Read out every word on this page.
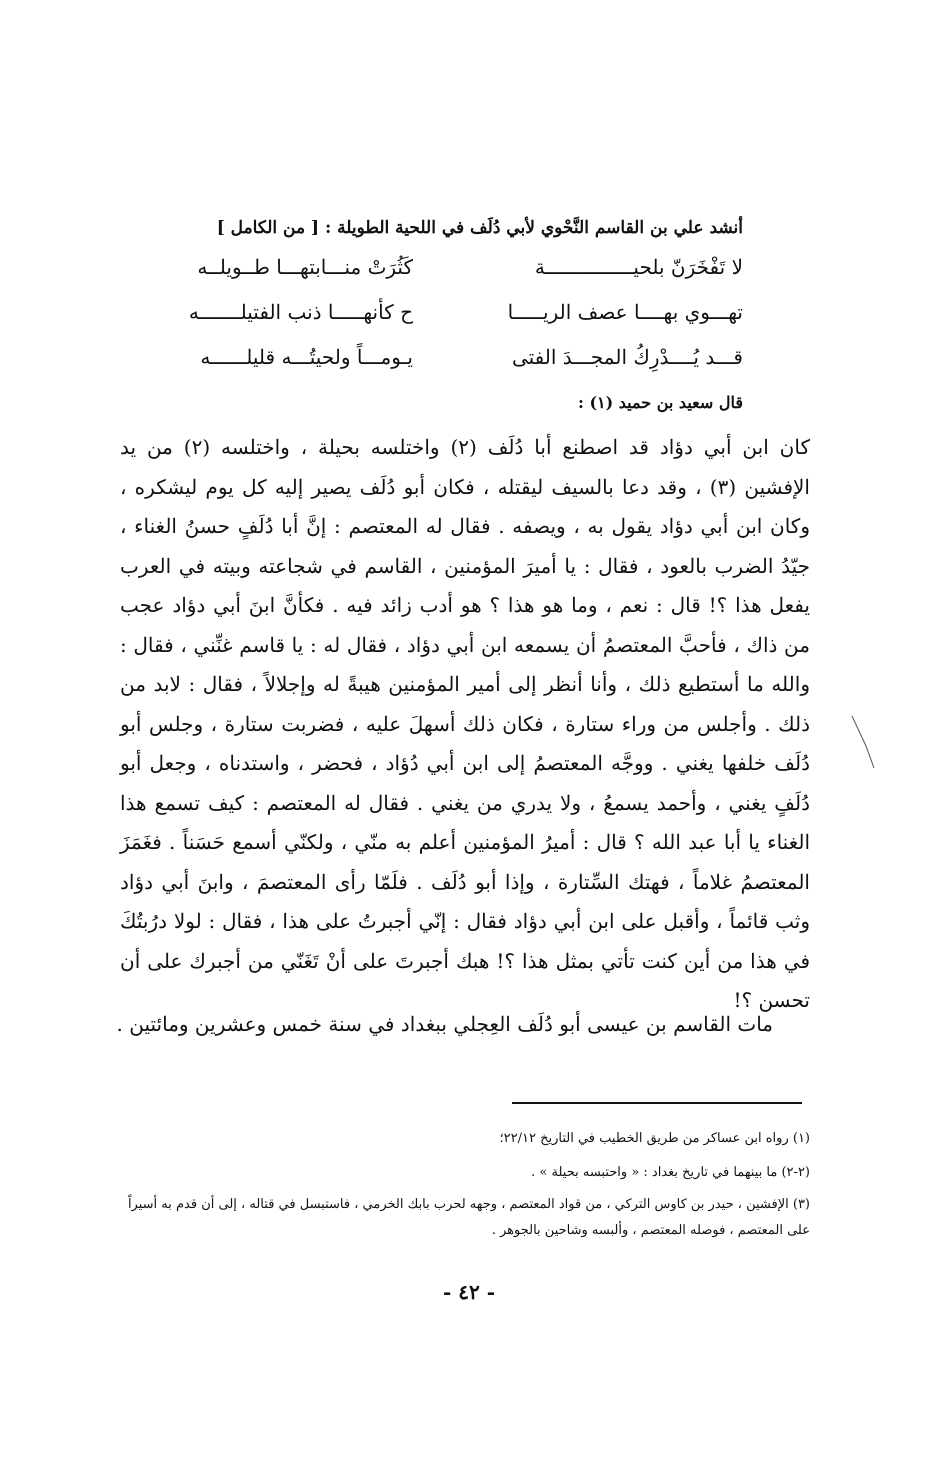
أنشد علي بن القاسم النَّحْوي لأبي دُلَف في اللحية الطويلة : [ من الكامل ]
لا تَفْخَرَنّ بلحيـــــــــــــــة
كَثُرَتْ منـــابتهـــا طــويلــه
تهـــوي بهــــا عصف الريـــــا
ح كأنهـــــا ذنب الفتيلـــــــه
قـــد يُــــدْرِكُ المجـــدَ الفتى
يـومـــاً ولحيتُـــه قليلــــــه
قال سعيد بن حميد (١) :
كان ابن أبي دؤاد قد اصطنع أبا دُلَف (٢) واختلسه بحيلة ، واختلسه (٢) من يد الإفشين (٣) ، وقد دعا بالسيف ليقتله ، فكان أبو دُلَف يصير إليه كل يوم ليشكره ، وكان ابن أبي دؤاد يقول به ، ويصفه . فقال له المعتصم : إنَّ أبا دُلَفٍ حسنُ الغناء ، جيّدُ الضرب بالعود ، فقال : يا أميرَ المؤمنين ، القاسم في شجاعته وبيته في العرب يفعل هذا ؟! قال : نعم ، وما هو هذا ؟ هو أدب زائد فيه . فكأنَّ ابنَ أبي دؤاد عجب من ذاك ، فأحبَّ المعتصمُ أن يسمعه ابن أبي دؤاد ، فقال له : يا قاسم غنِّني ، فقال : والله ما أستطيع ذلك ، وأنا أنظر إلى أمير المؤمنين هيبةً له وإجلالاً ، فقال : لابد من ذلك . وأجلس من وراء ستارة ، فكان ذلك أسهلَ عليه ، فضربت ستارة ، وجلس أبو دُلَف خلفها يغني . ووجَّه المعتصمُ إلى ابن أبي دُؤاد ، فحضر ، واستدناه ، وجعل أبو دُلَفٍ يغني ، وأحمد يسمعُ ، ولا يدري من يغني . فقال له المعتصم : كيف تسمع هذا الغناء يا أبا عبد الله ؟ قال : أميرُ المؤمنين أعلم به منّي ، ولكنّي أسمع حَسَناً . فغَمَزَ المعتصمُ غلاماً ، فهتك السِّتارة ، وإذا أبو دُلَف . فلَمّا رأى المعتصمَ ، وابنَ أبي دؤاد وثب قائماً ، وأقبل على ابن أبي دؤاد فقال : إنّي أجبرتُ على هذا ، فقال : لولا درُبتُكَ في هذا من أين كنت تأتي بمثل هذا ؟! هبك أجبرتَ على أنْ تَغَنّي من أجبرك على أن تحسن ؟!
مات القاسم بن عيسى أبو دُلَف العِجلي ببغداد في سنة خمس وعشرين ومائتين .
(١) رواه ابن عساكر من طريق الخطيب في التاريخ ٢٢/١٢؛
(٢-٢) ما بينهما في تاريخ بغداد : « واحتبسه بحيلة » .
(٣) الإفشين ، حيدر بن كاوس التركي ، من قواد المعتصم ، وجهه لحرب بابك الخرمي ، فاستبسل في قتاله ، إلى أن قدم به أسيراً على المعتصم ، فوصله المعتصم ، وألبسه وشاحين بالجوهر .
- ٤٢ -
